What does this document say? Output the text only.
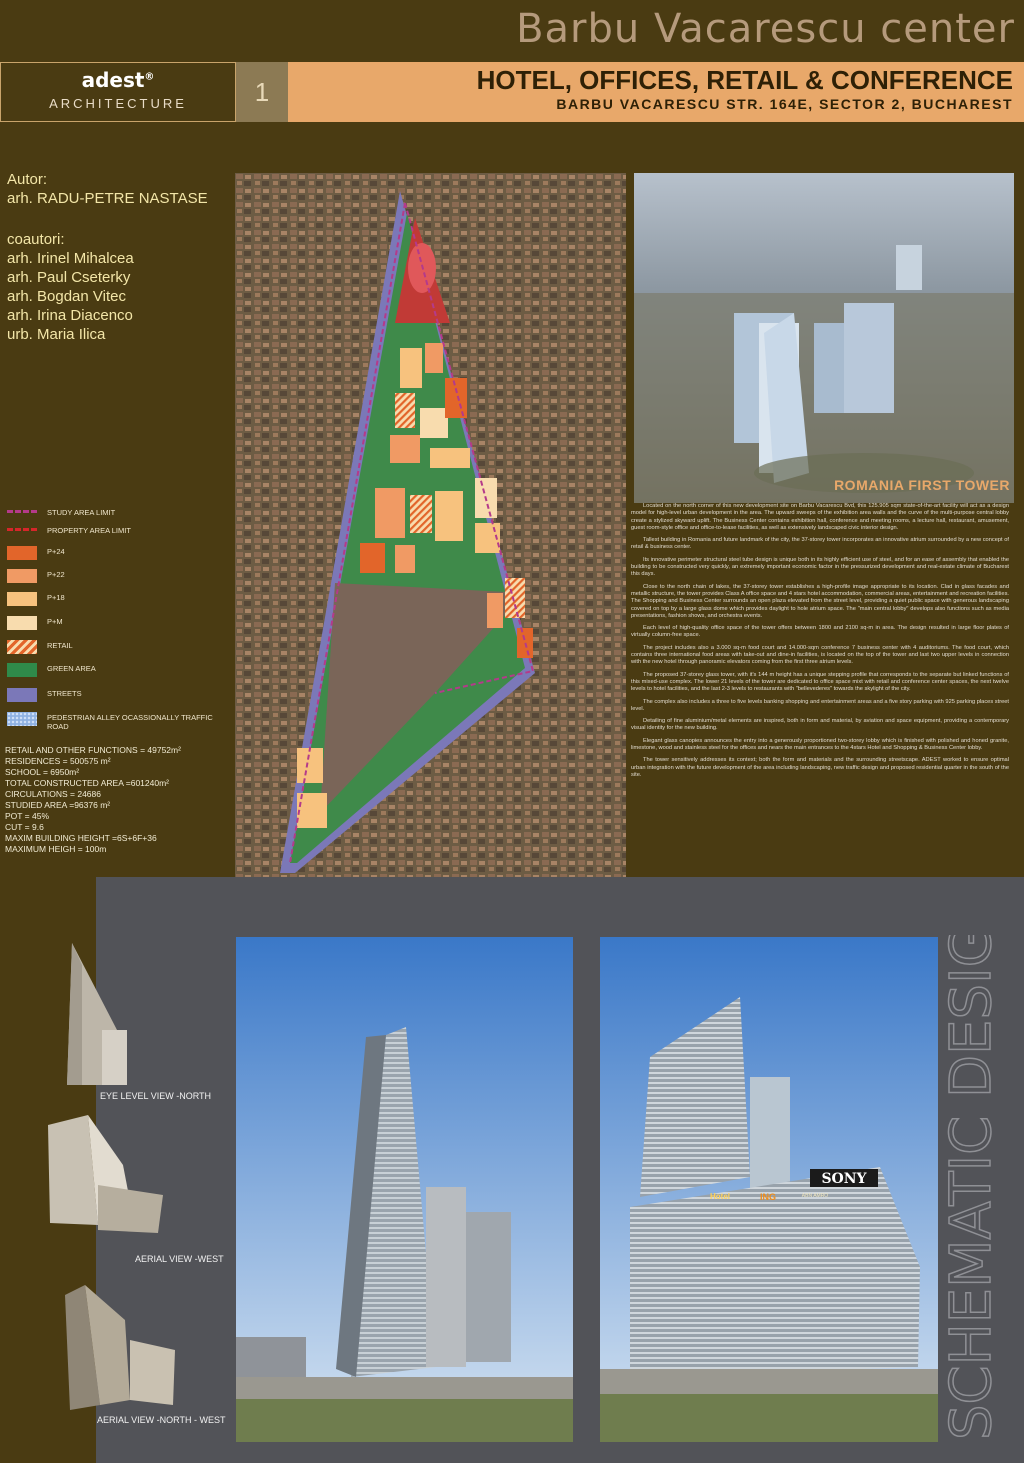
Barbu Vacarescu center
adest®
ARCHITECTURE	1	HOTEL, OFFICES, RETAIL & CONFERENCE
BARBU VACARESCU STR. 164E, SECTOR 2, BUCHAREST
Autor:
arh. RADU-PETRE NASTASE
coautori:
arh. Irinel Mihalcea
arh. Paul Cseterky
arh. Bogdan Vitec
arh. Irina Diacenco
urb. Maria Ilica
STUDY AREA LIMIT
PROPERTY AREA LIMIT
P+24
P+22
P+18
P+M
RETAIL
GREEN AREA
STREETS
PEDESTRIAN ALLEY OCASSIONALLY TRAFFIC ROAD
RETAIL AND OTHER FUNCTIONS = 49752m²
RESIDENCES = 500575 m²
SCHOOL = 6950m²
TOTAL CONSTRUCTED AREA =601240m²
CIRCULATIONS = 24686
STUDIED AREA =96376 m²
POT = 45%
CUT = 9.6
MAXIM BUILDING HEIGHT =6S+6F+36
MAXIMUM HEIGH = 100m
ROMANIA FIRST TOWER

Located on the north corner of this new development site on Barbu Vacarescu Bvd, this 125.905 sqm state-of-the-art facility will act as a design model for high-level urban development in the area. The upward sweeps of the exhibition area walls and the curve of the multi-purpose central lobby create a stylized skyward uplift. The Business Center contains exhibition hall, conference and meeting rooms, a lecture hall, restaurant, amusement, guest room-style office and office-to-lease facilities, as well as extensively landscaped civic interior design.

Tallest building in Romania and future landmark of the city, the 37-storey tower incorporates an innovative atrium surrounded by a new concept of retail & business center.

Its innovative perimeter structural steel tube design is unique both in its highly efficient use of steel, and for an ease of assembly that enabled the building to be constructed very quickly, an extremely important economic factor in the pressurized development and real-estate climate of Bucharest this days.

Close to the north chain of lakes, the 37-storey tower establishes a high-profile image appropriate to its location. Clad in glass facades and metallic structure, the tower provides Class A office space and 4 stars hotel accommodation, commercial areas, entertainment and recreation facilities. The Shopping and Business Center surrounds an open plaza elevated from the street level, providing a quiet public space with generous landscaping covered on top by a large glass dome which provides daylight to hole atrium space. The "main central lobby" develops also functions such as media presentations, fashion shows, and orchestra events.

Each level of high-quality office space of the tower offers between 1800 and 2100 sq-m in area. The design resulted in large floor plates of virtually column-free space.

The project includes also a 3.000 sq-m food court and 14.000-sqm conference 7 business center with 4 auditoriums. The food court, which contains three international food areas with take-out and dine-in facilities, is located on the top of the tower and last two upper levels in connection with the new hotel through panoramic elevators coming from the first three atrium levels.

The proposed 37-storey glass tower, with it's 144 m height has a unique stepping profile that corresponds to the separate but linked functions of this mixed-use complex. The lower 21 levels of the tower are dedicated to office space mixt with retail and conference center spaces, the next twelve levels to hotel facilities, and the last 2-3 levels to restaurants with "bellevederes" towards the skylight of the city.

The complex also includes a three to five levels banking shopping and entertainment areas and a five story parking with 925 parking places street level.

Detailing of fine aluminium/metal elements are inspired, both in form and material, by aviation and space equipment, providing a contemporary visual identity for the new building.

Elegant glass canopies announces the entry into a generously proportioned two-storey lobby which is finished with polished and honed granite, limestone, wood and stainless steel for the offices and nears the main entrances to the 4stars Hotel and Shopping & Business Center lobby.

The tower sensitively addresses its context; both the form and materials and the surrounding streetscape. ADEST worked to ensure optimal urban integration with the future development of the area including landscaping, new traffic design and proposed residential quarter in the south of the site.

EYE LEVEL VIEW -NORTH
AERIAL VIEW -WEST
AERIAL VIEW -NORTH - WEST
SONY
ING	ABN AMRO
Hotel	SCHEMATIC DESIGN
